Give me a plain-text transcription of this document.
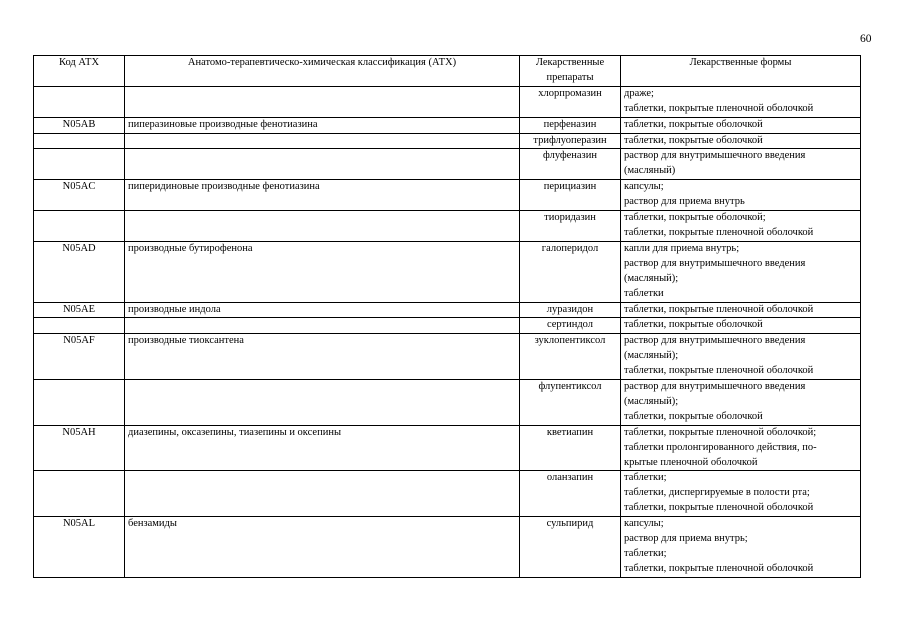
60
Код АТХ	Анатомо-терапевтическо-химическая классификация (АТХ)	Лекарственные
препараты	Лекарственные формы
		хлорпромазин	драже;
таблетки, покрытые пленочной оболочкой
N05AB	пиперазиновые производные фенотиазина	перфеназин	таблетки, покрытые оболочкой
		трифлуоперазин	таблетки, покрытые оболочкой
		флуфеназин	раствор для внутримышечного введения
(масляный)
N05AC	пиперидиновые производные фенотиазина	перициазин	капсулы;
раствор для приема внутрь
		тиоридазин	таблетки, покрытые оболочкой;
таблетки, покрытые пленочной оболочкой
N05AD	производные бутирофенона	галоперидол	капли для приема внутрь;
раствор для внутримышечного введения
(масляный);
таблетки
N05AE	производные индола	луразидон	таблетки, покрытые пленочной оболочкой
		сертиндол	таблетки, покрытые оболочкой
N05AF	производные тиоксантена	зуклопентиксол	раствор для внутримышечного введения
(масляный);
таблетки, покрытые пленочной оболочкой
		флупентиксол	раствор для внутримышечного введения
(масляный);
таблетки, покрытые оболочкой
N05AH	диазепины, оксазепины, тиазепины и оксепины	кветиапин	таблетки, покрытые пленочной оболочкой;
таблетки пролонгированного действия, по-
крытые пленочной оболочкой
		оланзапин	таблетки;
таблетки, диспергируемые в полости рта;
таблетки, покрытые пленочной оболочкой
N05AL	бензамиды	сульпирид	капсулы;
раствор для приема внутрь;
таблетки;
таблетки, покрытые пленочной оболочкой
